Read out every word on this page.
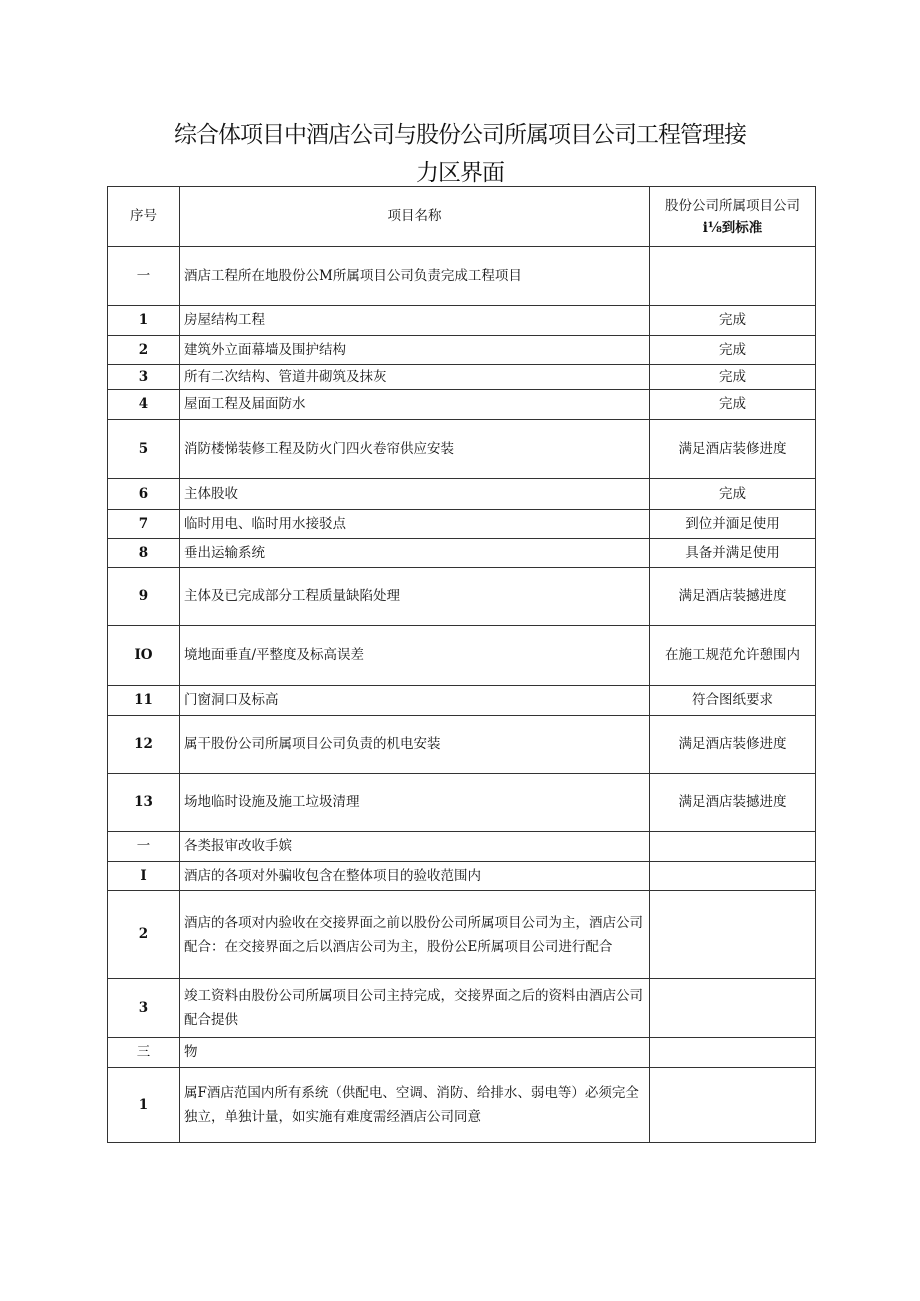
综合体项目中酒店公司与股份公司所属项目公司工程管理接
力区界面
序号	项目名称	股份公司所属项目公司
i⅛到标准

一	酒店工程所在地股份公M所属项目公司负责完成工程项目	
1	房屋结构工程	完成
2	建筑外立面幕墙及围护结构	完成
3	所有二次结构、管道井砌筑及抹灰	完成
4	屋面工程及届面防水	完成
5	消防楼悌装修工程及防火门四火卷帘供应安装	满足酒店装修进度
6	主体股收	完成
7	临时用电、临时用水接驳点	到位并湎足使用
8	垂出运输系统	具备并满足使用
9	主体及已完成部分工程质量缺陷处理	满足酒店装撼进度
IO	境地面垂直/平整度及标高误差	在施工规范允许憩围内
11	门窗洞口及标高	符合图纸要求
12	属干股份公司所属项目公司负责的机电安装	满足酒店装修进度
13	场地临时设施及施工垃圾清理	满足酒店装撼进度
一	各类报审改收手嫔	
I	酒店的各项对外骗收包含在整体项目的验收范围内	
2	酒店的各项对内验收在交接界面之前以股份公司所属项目公司为主，酒店公司配合：在交接界面之后以酒店公司为主，股份公E所属项目公司进行配合	
3	竣工资料由股份公司所属项目公司主持完成，交接界面之后的资料由酒店公司配合提供	
三	物	
1	属F酒店范国内所有系统（供配电、空调、消防、给排水、弱电等）必须完全独立，单独计量，如实施有难度需经酒店公司同意	
